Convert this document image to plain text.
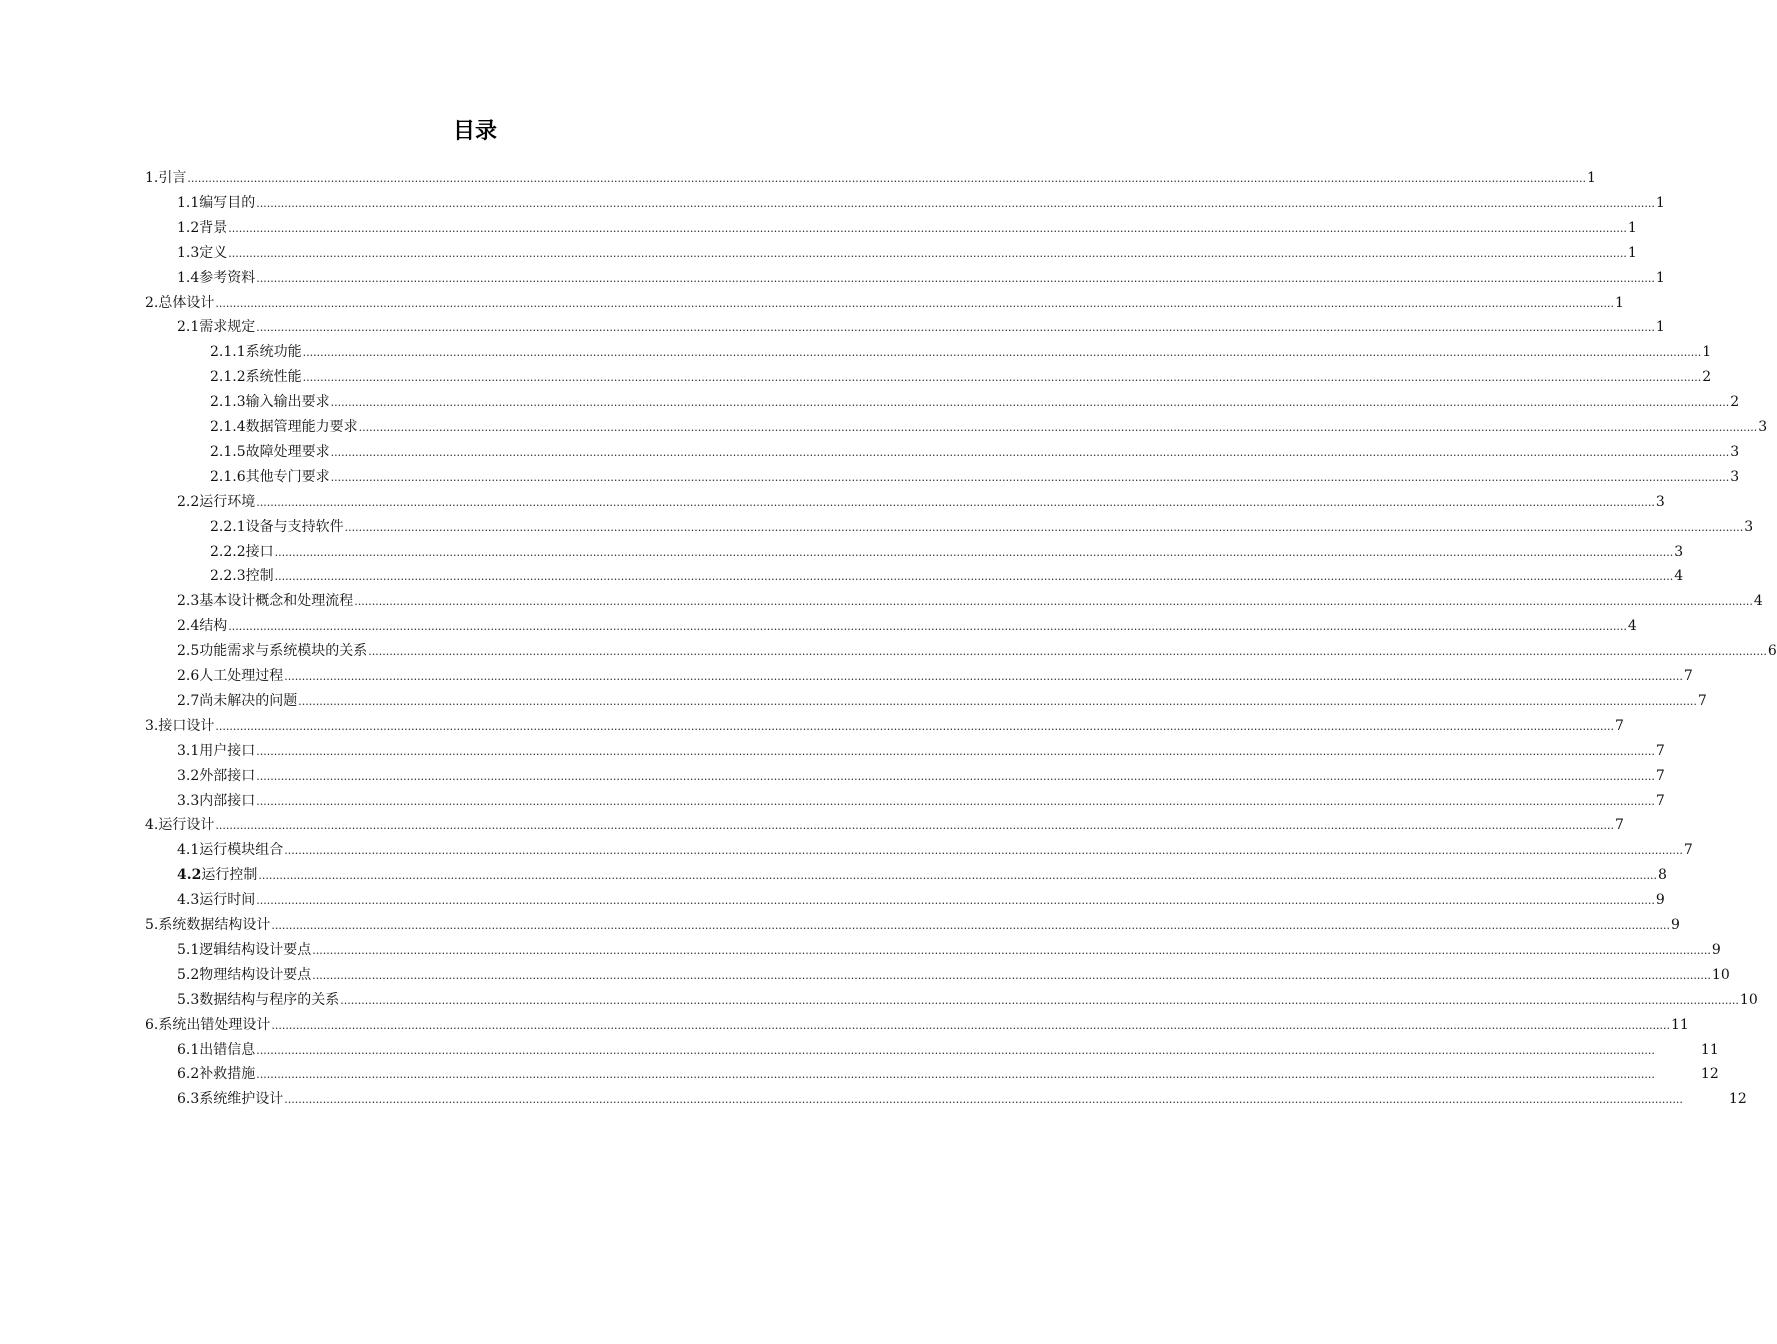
目录
1. 引言 ................................................................................................................................................................................................................................................................................................................................................................................................................ 1
1.1 编写目的 ................................................................................................................................................................................................................................................................................................................................................................................................................ 1
1.2 背景 ................................................................................................................................................................................................................................................................................................................................................................................................................ 1
1.3 定义 ................................................................................................................................................................................................................................................................................................................................................................................................................ 1
1.4 参考资料 ................................................................................................................................................................................................................................................................................................................................................................................................................ 1
2. 总体设计 ................................................................................................................................................................................................................................................................................................................................................................................................................ 1
2.1 需求规定 ................................................................................................................................................................................................................................................................................................................................................................................................................ 1
2.1.1 系统功能 ................................................................................................................................................................................................................................................................................................................................................................................................................ 1
2.1.2 系统性能 ................................................................................................................................................................................................................................................................................................................................................................................................................ 2
2.1.3 输入输出要求 ................................................................................................................................................................................................................................................................................................................................................................................................................ 2
2.1.4 数据管理能力要求 ................................................................................................................................................................................................................................................................................................................................................................................................................ 3
2.1.5 故障处理要求 ................................................................................................................................................................................................................................................................................................................................................................................................................ 3
2.1.6 其他专门要求 ................................................................................................................................................................................................................................................................................................................................................................................................................ 3
2.2 运行环境 ................................................................................................................................................................................................................................................................................................................................................................................................................ 3
2.2.1 设备与支持软件 ................................................................................................................................................................................................................................................................................................................................................................................................................ 3
2.2.2 接口 ................................................................................................................................................................................................................................................................................................................................................................................................................ 3
2.2.3 控制 ................................................................................................................................................................................................................................................................................................................................................................................................................ 4
2.3 基本设计概念和处理流程 ................................................................................................................................................................................................................................................................................................................................................................................................................ 4
2.4 结构 ................................................................................................................................................................................................................................................................................................................................................................................................................ 4
2.5 功能需求与系统模块的关系 ................................................................................................................................................................................................................................................................................................................................................................................................................ 6
2.6 人工处理过程 ................................................................................................................................................................................................................................................................................................................................................................................................................ 7
2.7 尚未解决的问题 ................................................................................................................................................................................................................................................................................................................................................................................................................ 7
3. 接口设计 ................................................................................................................................................................................................................................................................................................................................................................................................................ 7
3.1 用户接口 ................................................................................................................................................................................................................................................................................................................................................................................................................ 7
3.2 外部接口 ................................................................................................................................................................................................................................................................................................................................................................................................................ 7
3.3 内部接口 ................................................................................................................................................................................................................................................................................................................................................................................................................ 7
4. 运行设计 ................................................................................................................................................................................................................................................................................................................................................................................................................ 7
4.1 运行模块组合 ................................................................................................................................................................................................................................................................................................................................................................................................................ 7
4.2 运行控制 ................................................................................................................................................................................................................................................................................................................................................................................................................ 8
4.3 运行时间 ................................................................................................................................................................................................................................................................................................................................................................................................................ 9
5. 系统数据结构设计 ................................................................................................................................................................................................................................................................................................................................................................................................................ 9
5.1 逻辑结构设计要点 ................................................................................................................................................................................................................................................................................................................................................................................................................ 9
5.2 物理结构设计要点 ................................................................................................................................................................................................................................................................................................................................................................................................................ 10
5.3 数据结构与程序的关系 ................................................................................................................................................................................................................................................................................................................................................................................................................ 10
6. 系统出错处理设计 ................................................................................................................................................................................................................................................................................................................................................................................................................ 11
6.1 出错信息 ................................................................................................................................................................................................................................................................................................................................................................................................................	11
6.2 补救措施 ................................................................................................................................................................................................................................................................................................................................................................................................................	12
6.3 系统维护设计 ................................................................................................................................................................................................................................................................................................................................................................................................................	12
